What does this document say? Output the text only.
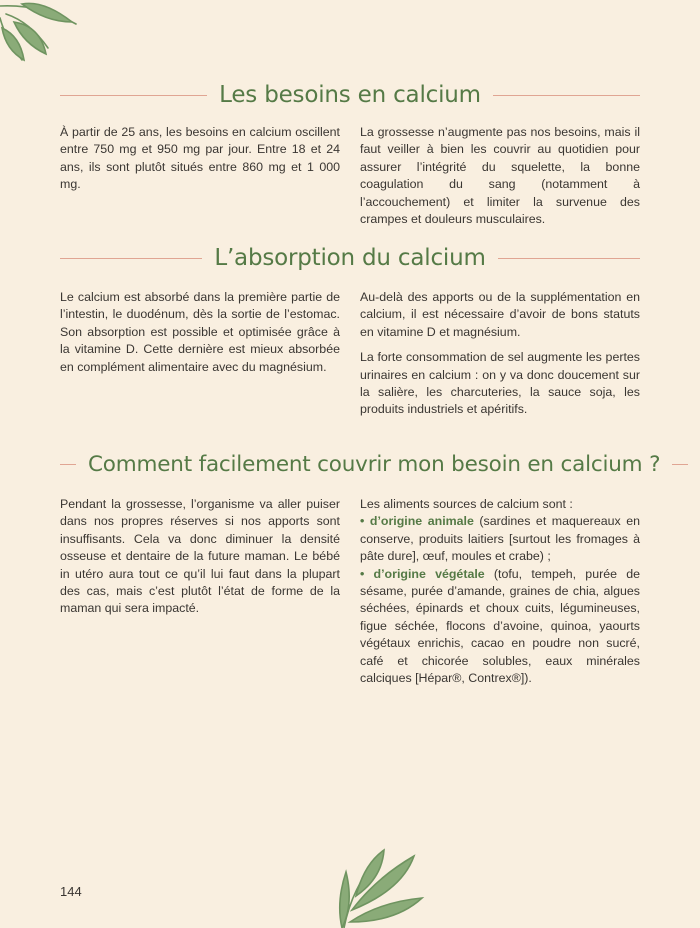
Les besoins en calcium

À partir de 25 ans, les besoins en calcium oscillent entre 750 mg et 950 mg par jour. Entre 18 et 24 ans, ils sont plutôt situés entre 860 mg et 1 000 mg.

La grossesse n’augmente pas nos besoins, mais il faut veiller à bien les couvrir au quotidien pour assurer l’intégrité du squelette, la bonne coagulation du sang (notamment à l’accouchement) et limiter la survenue des crampes et douleurs musculaires.

L’absorption du calcium

Le calcium est absorbé dans la première partie de l’intestin, le duodénum, dès la sortie de l’estomac. Son absorption est possible et optimisée grâce à la vitamine D. Cette dernière est mieux absorbée en complément alimentaire avec du magnésium.

Au-delà des apports ou de la supplémentation en calcium, il est nécessaire d’avoir de bons statuts en vitamine D et magnésium.

La forte consommation de sel augmente les pertes urinaires en calcium : on y va donc doucement sur la salière, les charcuteries, la sauce soja, les produits industriels et apéritifs.

Comment facilement couvrir mon besoin en calcium ?

Pendant la grossesse, l’organisme va aller puiser dans nos propres réserves si nos apports sont insuffisants. Cela va donc diminuer la densité osseuse et dentaire de la future maman. Le bébé in utéro aura tout ce qu’il lui faut dans la plupart des cas, mais c’est plutôt l’état de forme de la maman qui sera impacté.

Les aliments sources de calcium sont :

• d’origine animale (sardines et maquereaux en conserve, produits laitiers [surtout les fromages à pâte dure], œuf, moules et crabe) ;

• d’origine végétale (tofu, tempeh, purée de sésame, purée d’amande, graines de chia, algues séchées, épinards et choux cuits, légumineuses, figue séchée, flocons d’avoine, quinoa, yaourts végétaux enrichis, cacao en poudre non sucré, café et chicorée solubles, eaux minérales calciques [Hépar®, Contrex®]).

144
